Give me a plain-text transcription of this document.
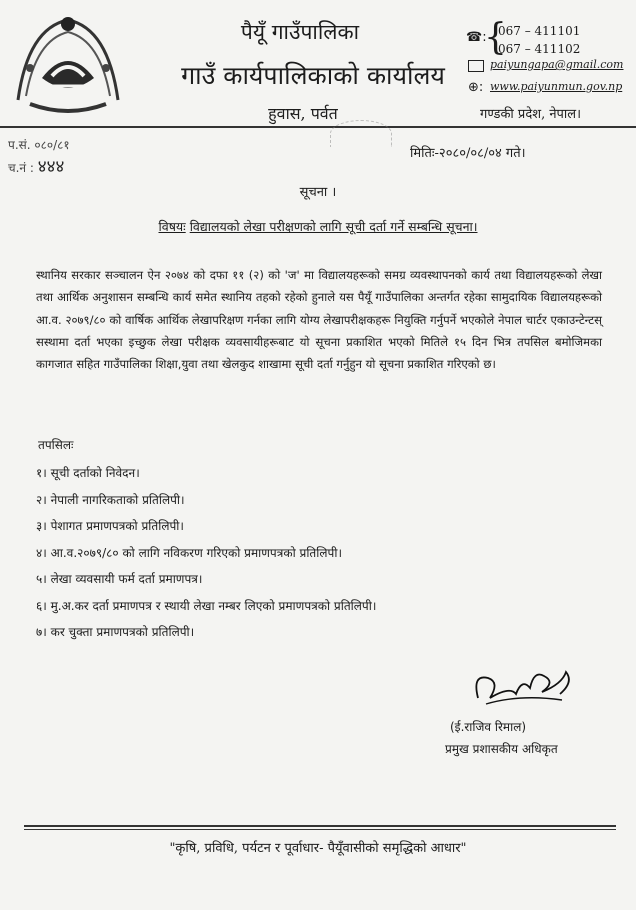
पैयूँ गाउँपालिका
गाउँ कार्यपालिकाको कार्यालय
हुवास, पर्वत
☎:
{
067 – 411101
067 – 411102
paiyungapa@gmail.com
⊕: www.paiyunmun.gov.np
गण्डकी प्रदेश, नेपाल।
प.सं. ०८०/८१
च.नं : ४४४
मितिः-२०८०/०८/०४ गते।
सूचना ।
विषयः विद्यालयको लेखा परीक्षणको लागि सूची दर्ता गर्ने सम्बन्धि सूचना।
स्थानिय सरकार सञ्चालन ऐन २०७४ को दफा ११ (२) को 'ज' मा विद्यालयहरूको समग्र व्यवस्थापनको कार्य तथा विद्यालयहरूको लेखा तथा आर्थिक अनुशासन सम्बन्धि कार्य समेत स्थानिय तहको रहेको हुनाले यस पैयूँ गाउँपालिका अन्तर्गत रहेका सामुदायिक विद्यालयहरूको आ.व. २०७९/८० को वार्षिक आर्थिक लेखापरिक्षण गर्नका लागि योग्य लेखापरीक्षकहरू नियुक्ति गर्नुपर्ने भएकोले नेपाल चार्टर एकाउन्टेन्टस् सस्थामा दर्ता भएका इच्छुक लेखा परीक्षक व्यवसायीहरूबाट यो सूचना प्रकाशित भएको मितिले १५ दिन भित्र तपसिल बमोजिमका कागजात सहित गाउँपालिका शिक्षा,युवा तथा खेलकुद शाखामा सूची दर्ता गर्नुहुन यो सूचना प्रकाशित गरिएको छ।
तपसिलः
१। सूची दर्ताको निवेदन।
२। नेपाली नागरिकताको प्रतिलिपी।
३। पेशागत प्रमाणपत्रको प्रतिलिपी।
४। आ.व.२०७९/८० को लागि नविकरण गरिएको प्रमाणपत्रको प्रतिलिपी।
५। लेखा व्यवसायी फर्म दर्ता प्रमाणपत्र।
६। मु.अ.कर दर्ता प्रमाणपत्र र स्थायी लेखा नम्बर लिएको प्रमाणपत्रको प्रतिलिपी।
७। कर चुक्ता प्रमाणपत्रको प्रतिलिपी।
(ई.राजिव रिमाल)
प्रमुख प्रशासकीय अधिकृत
"कृषि, प्रविधि, पर्यटन र पूर्वाधार- पैयूँवासीको समृद्धिको आधार"
